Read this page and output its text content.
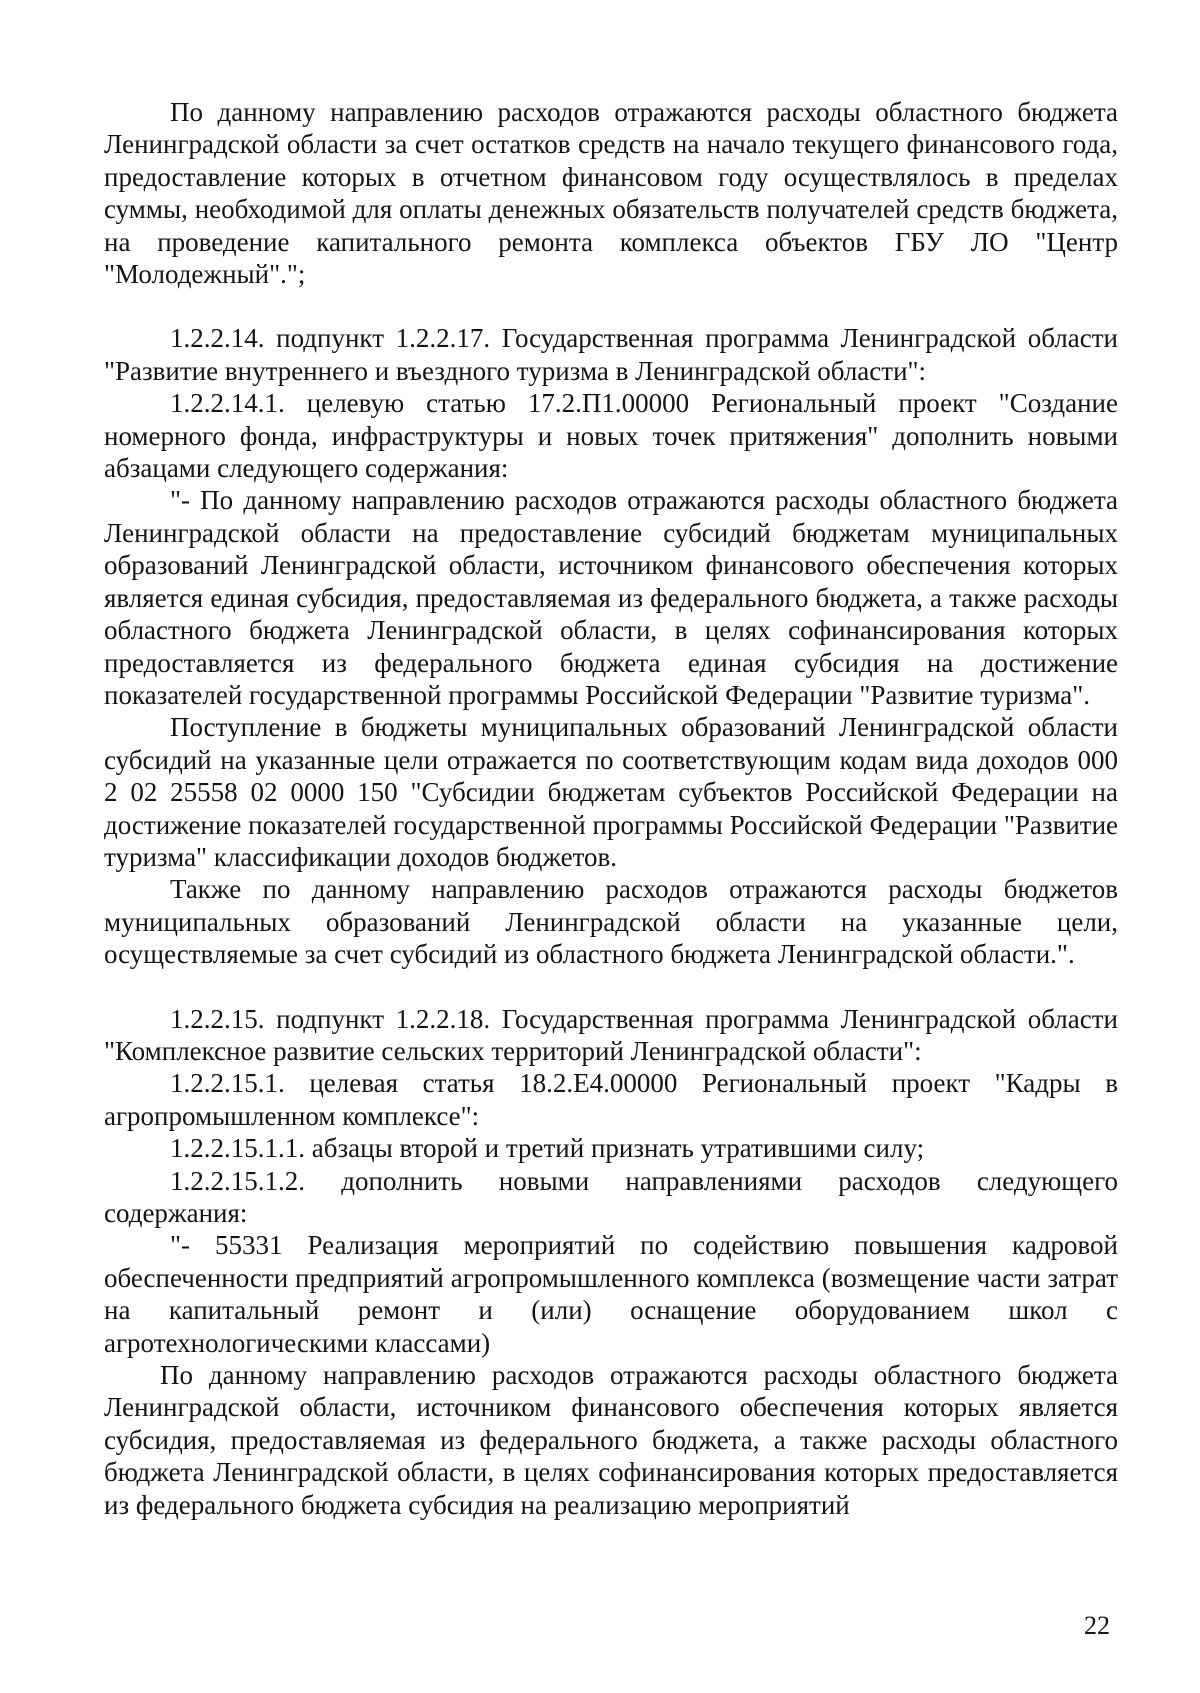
По данному направлению расходов отражаются расходы областного бюджета Ленинградской области за счет остатков средств на начало текущего финансового года, предоставление которых в отчетном финансовом году осуществлялось в пределах суммы, необходимой для оплаты денежных обязательств получателей средств бюджета, на проведение капитального ремонта комплекса объектов ГБУ ЛО "Центр "Молодежный".";

1.2.2.14. подпункт 1.2.2.17. Государственная программа Ленинградской области "Развитие внутреннего и въездного туризма в Ленинградской области":

1.2.2.14.1. целевую статью 17.2.П1.00000 Региональный проект "Создание номерного фонда, инфраструктуры и новых точек притяжения" дополнить новыми абзацами следующего содержания:

"- По данному направлению расходов отражаются расходы областного бюджета Ленинградской области на предоставление субсидий бюджетам муниципальных образований Ленинградской области, источником финансового обеспечения которых является единая субсидия, предоставляемая из федерального бюджета, а также расходы областного бюджета Ленинградской области, в целях софинансирования которых предоставляется из федерального бюджета единая субсидия на достижение показателей государственной программы Российской Федерации "Развитие туризма".

Поступление в бюджеты муниципальных образований Ленинградской области субсидий на указанные цели отражается по соответствующим кодам вида доходов 000 2 02 25558 02 0000 150 "Субсидии бюджетам субъектов Российской Федерации на достижение показателей государственной программы Российской Федерации "Развитие туризма" классификации доходов бюджетов.

Также по данному направлению расходов отражаются расходы бюджетов муниципальных образований Ленинградской области на указанные цели, осуществляемые за счет субсидий из областного бюджета Ленинградской области.".

1.2.2.15. подпункт 1.2.2.18. Государственная программа Ленинградской области "Комплексное развитие сельских территорий Ленинградской области":

1.2.2.15.1. целевая статья 18.2.Е4.00000 Региональный проект "Кадры в агропромышленном комплексе":

1.2.2.15.1.1. абзацы второй и третий признать утратившими силу;

1.2.2.15.1.2. дополнить новыми направлениями расходов следующего содержания:

"- 55331 Реализация мероприятий по содействию повышения кадровой обеспеченности предприятий агропромышленного комплекса (возмещение части затрат на капитальный ремонт и (или) оснащение оборудованием школ с агротехнологическими классами)

По данному направлению расходов отражаются расходы областного бюджета Ленинградской области, источником финансового обеспечения которых является субсидия, предоставляемая из федерального бюджета, а также расходы областного бюджета Ленинградской области, в целях софинансирования которых предоставляется из федерального бюджета субсидия на реализацию мероприятий

22
